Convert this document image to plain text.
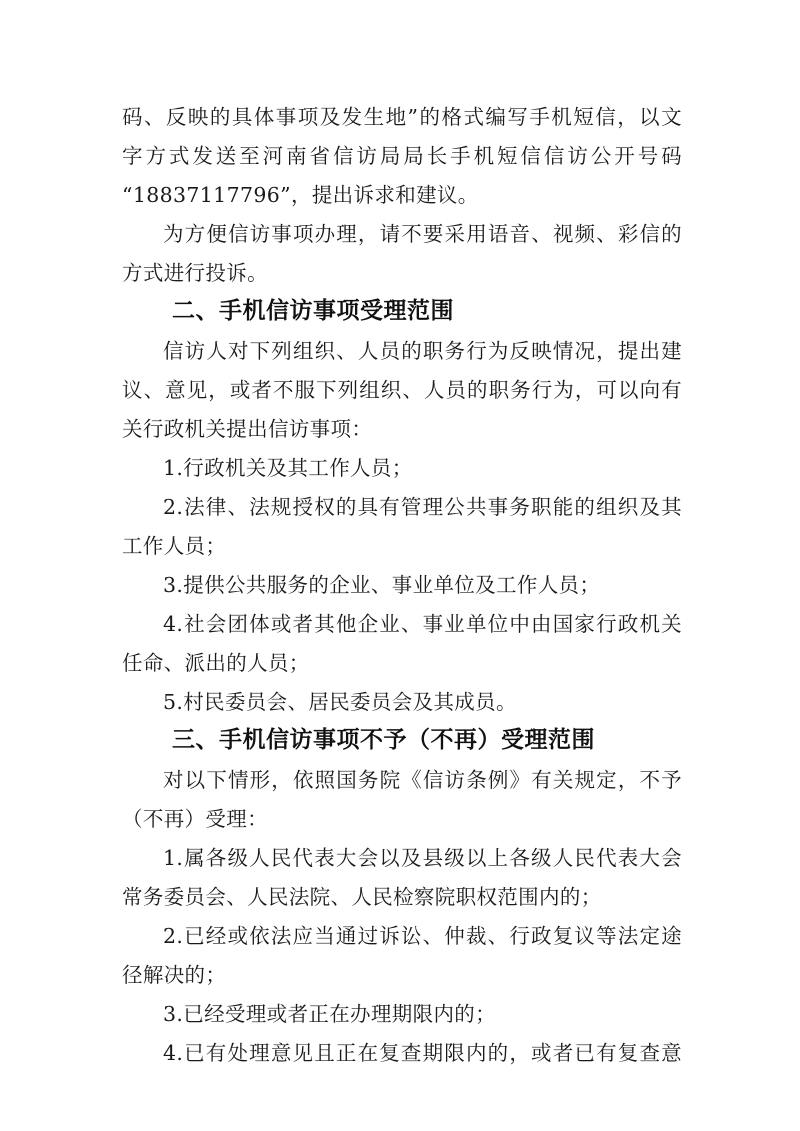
码、反映的具体事项及发生地”的格式编写手机短信，以文
字方式发送至河南省信访局局长手机短信信访公开号码
“18837117796”，提出诉求和建议。
为方便信访事项办理，请不要采用语音、视频、彩信的
方式进行投诉。
二、手机信访事项受理范围
信访人对下列组织、人员的职务行为反映情况，提出建
议、意见，或者不服下列组织、人员的职务行为，可以向有
关行政机关提出信访事项：
1.行政机关及其工作人员；
2.法律、法规授权的具有管理公共事务职能的组织及其
工作人员；
3.提供公共服务的企业、事业单位及工作人员；
4.社会团体或者其他企业、事业单位中由国家行政机关
任命、派出的人员；
5.村民委员会、居民委员会及其成员。
三、手机信访事项不予（不再）受理范围
对以下情形，依照国务院《信访条例》有关规定，不予
（不再）受理：
1.属各级人民代表大会以及县级以上各级人民代表大会
常务委员会、人民法院、人民检察院职权范围内的；
2.已经或依法应当通过诉讼、仲裁、行政复议等法定途
径解决的；
3.已经受理或者正在办理期限内的；
4.已有处理意见且正在复查期限内的，或者已有复查意
